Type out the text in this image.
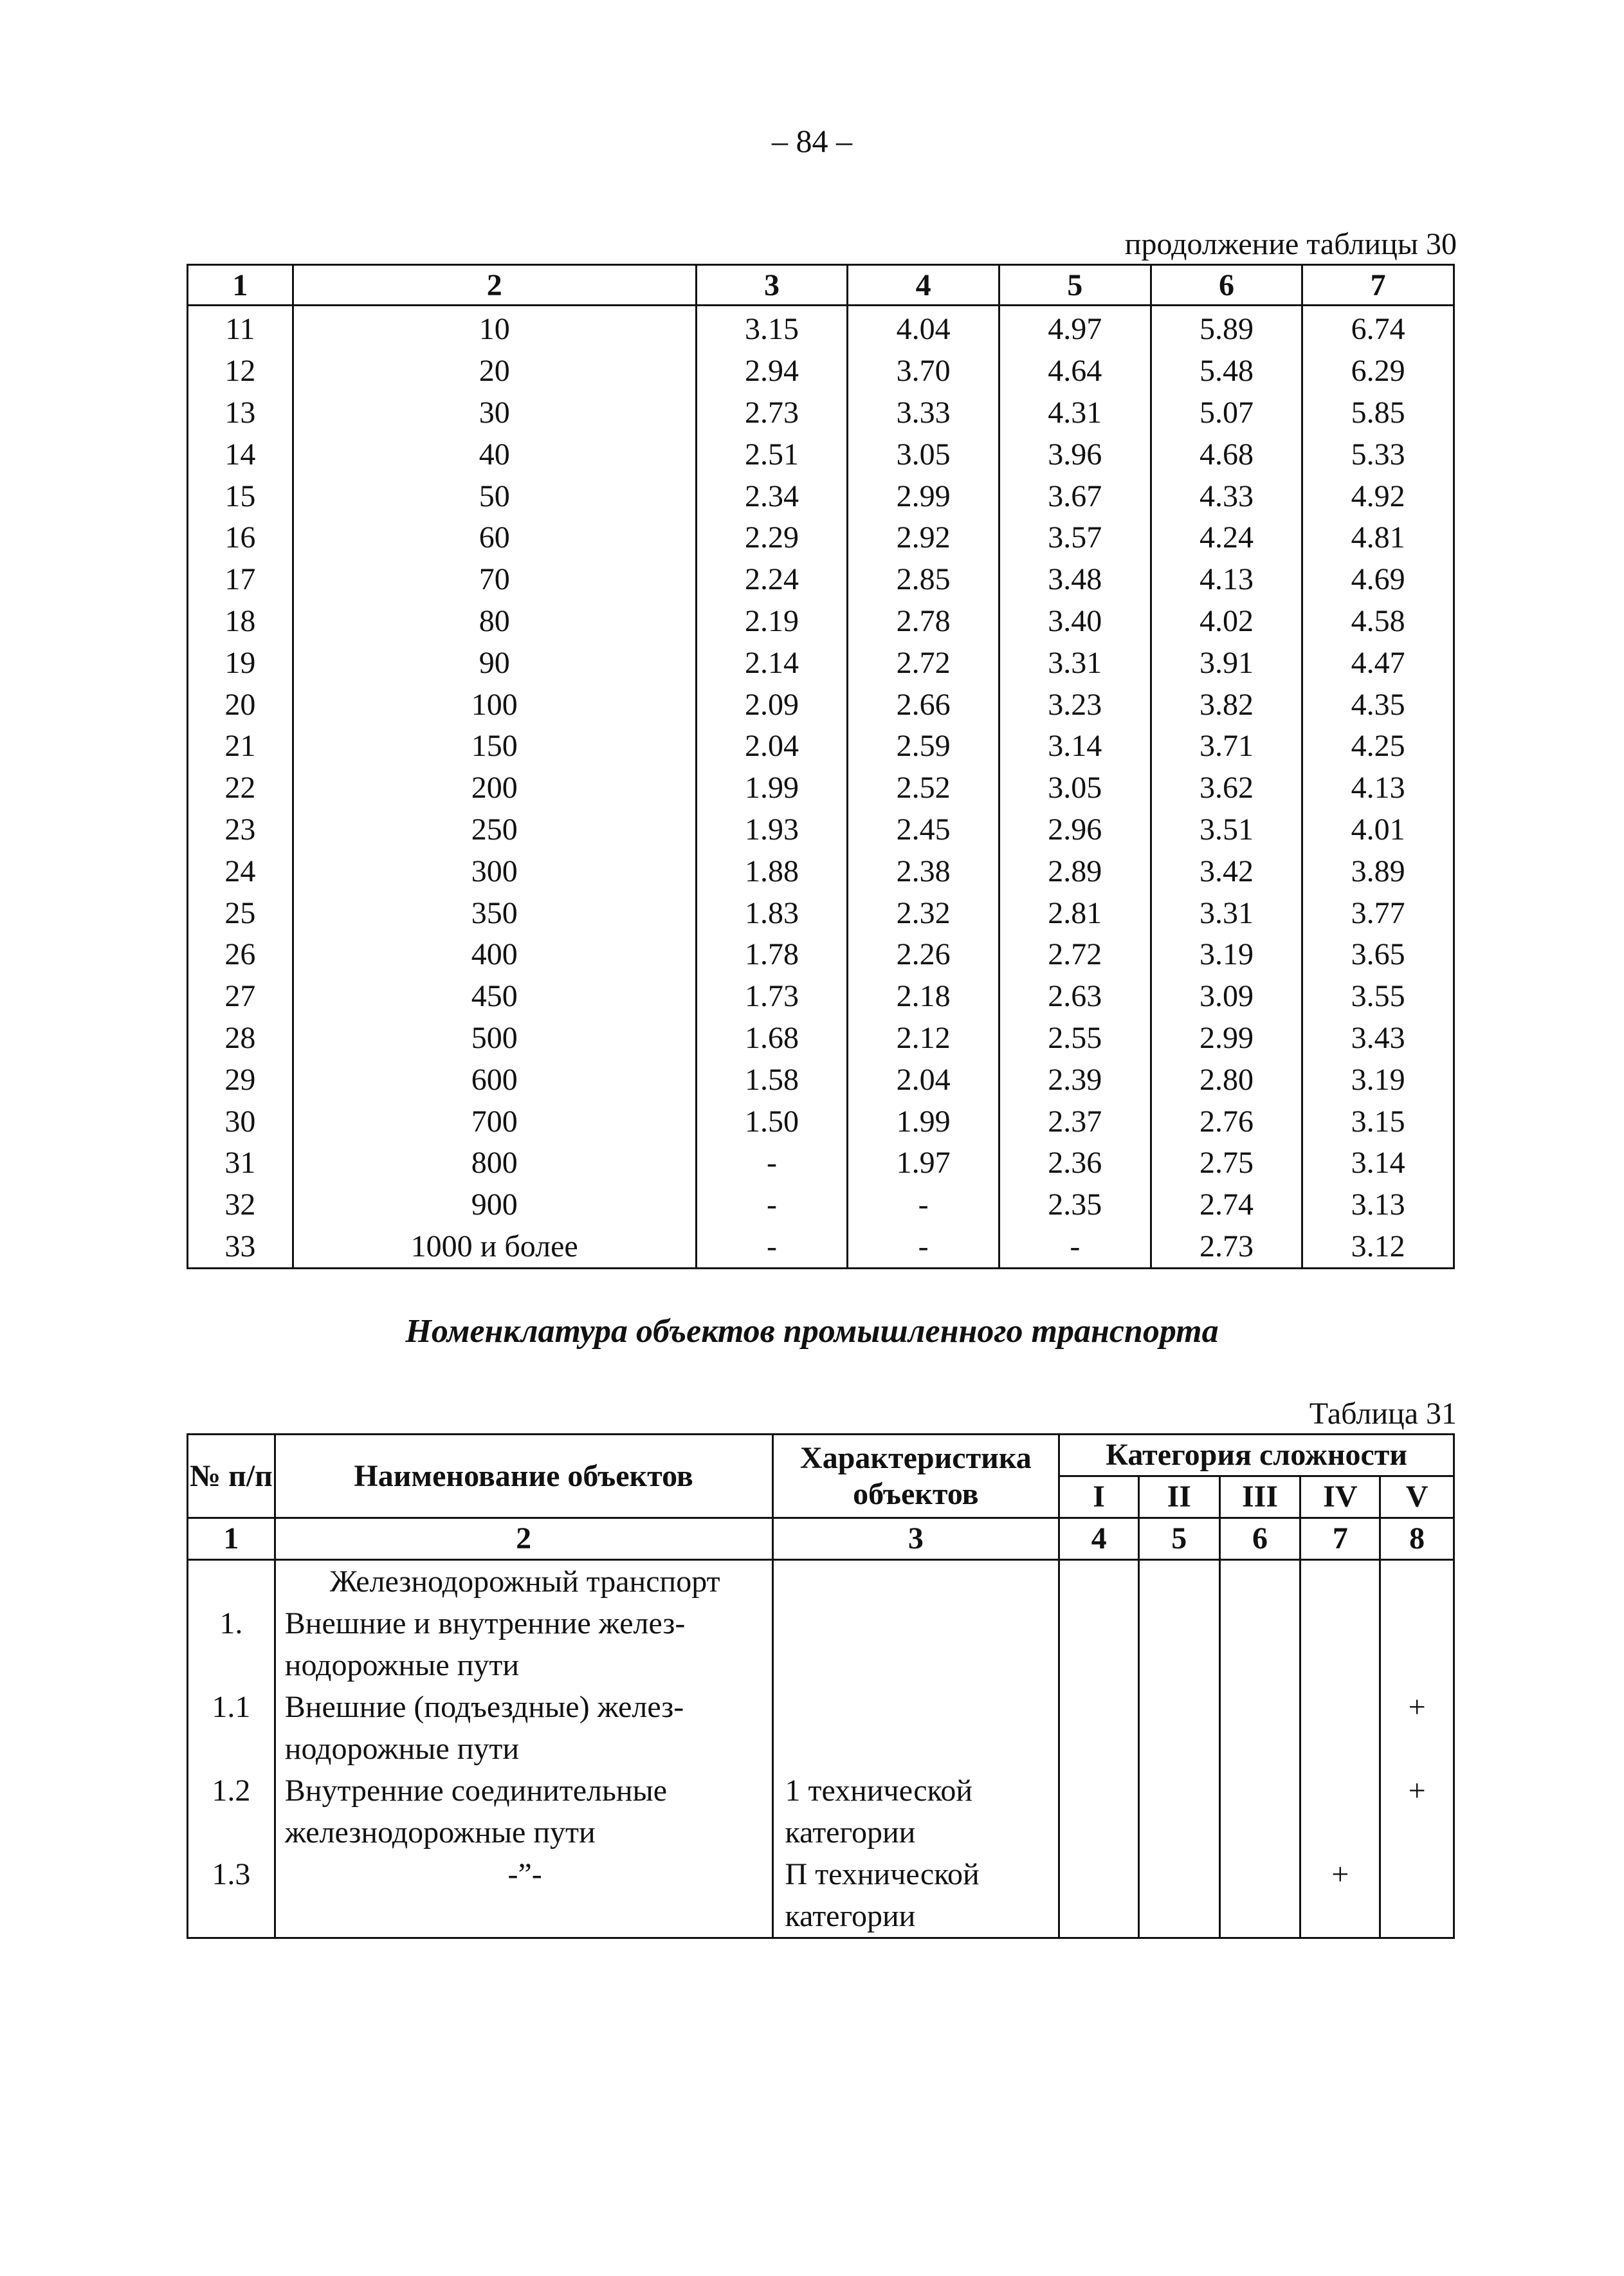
– 84 –
продолжение таблицы 30
1	2	3	4	5	6	7
11	10	3.15	4.04	4.97	5.89	6.74
12	20	2.94	3.70	4.64	5.48	6.29
13	30	2.73	3.33	4.31	5.07	5.85
14	40	2.51	3.05	3.96	4.68	5.33
15	50	2.34	2.99	3.67	4.33	4.92
16	60	2.29	2.92	3.57	4.24	4.81
17	70	2.24	2.85	3.48	4.13	4.69
18	80	2.19	2.78	3.40	4.02	4.58
19	90	2.14	2.72	3.31	3.91	4.47
20	100	2.09	2.66	3.23	3.82	4.35
21	150	2.04	2.59	3.14	3.71	4.25
22	200	1.99	2.52	3.05	3.62	4.13
23	250	1.93	2.45	2.96	3.51	4.01
24	300	1.88	2.38	2.89	3.42	3.89
25	350	1.83	2.32	2.81	3.31	3.77
26	400	1.78	2.26	2.72	3.19	3.65
27	450	1.73	2.18	2.63	3.09	3.55
28	500	1.68	2.12	2.55	2.99	3.43
29	600	1.58	2.04	2.39	2.80	3.19
30	700	1.50	1.99	2.37	2.76	3.15
31	800	-	1.97	2.36	2.75	3.14
32	900	-	-	2.35	2.74	3.13
33	1000 и более	-	-	-	2.73	3.12
Номенклатура объектов промышленного транспорта
Таблица 31
№ п/п	Наименование объектов	Характеристика объектов	Категория сложности				
			I	II	III	IV	V
1	2	3	4	5	6	7	8
	Железнодорожный транспорт						
1.	Внешние и внутренние желез-нодорожные пути						
1.1	Внешние (подъездные) желез-нодорожные пути						+
1.2	Внутренние соединительные железнодорожные пути	1 технической категории					+
1.3	-”-	П технической категории				+	
